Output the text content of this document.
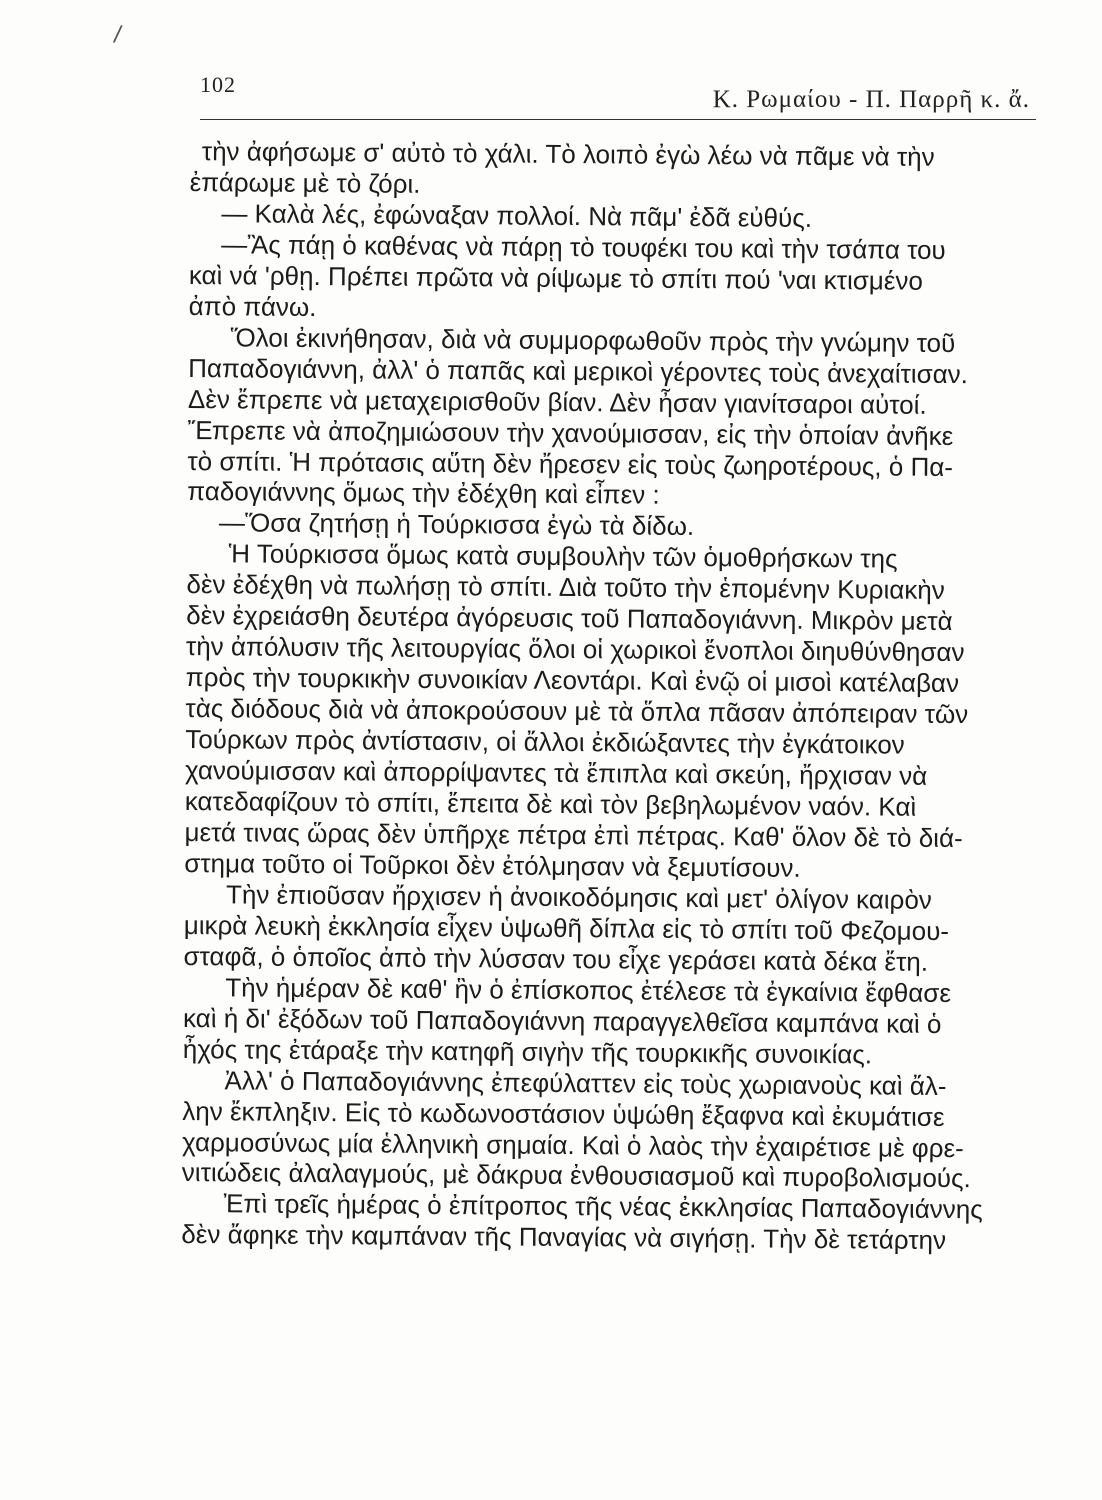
/
102
Κ. Ρωμαίου - Π. Παρρῆ κ. ἄ.
τὴν ἀφήσωμε σ' αὐτὸ τὸ χάλι. Τὸ λοιπὸ ἐγὼ λέω νὰ πᾶμε νὰ τὴν
ἐπάρωμε μὲ τὸ ζόρι.
— Καλὰ λές, ἐφώναξαν πολλοί. Νὰ πᾶμ' ἐδᾶ εὐθύς.
—Ἂς πάῃ ὁ καθένας νὰ πάρῃ τὸ τουφέκι του καὶ τὴν τσάπα του
καὶ νά 'ρθῃ. Πρέπει πρῶτα νὰ ρίψωμε τὸ σπίτι πού 'ναι κτισμένο
ἀπὸ πάνω.
Ὅλοι ἐκινήθησαν, διὰ νὰ συμμορφωθοῦν πρὸς τὴν γνώμην τοῦ
Παπαδογιάννη, ἀλλ' ὁ παπᾶς καὶ μερικοὶ γέροντες τοὺς ἀνεχαίτισαν.
Δὲν ἔπρεπε νὰ μεταχειρισθοῦν βίαν. Δὲν ἦσαν γιανίτσαροι αὐτοί.
Ἔπρεπε νὰ ἀποζημιώσουν τὴν χανούμισσαν, εἰς τὴν ὁποίαν ἀνῆκε
τὸ σπίτι. Ἡ πρότασις αὕτη δὲν ἤρεσεν εἰς τοὺς ζωηροτέρους, ὁ Πα-
παδογιάννης ὅμως τὴν ἐδέχθη καὶ εἶπεν :
—Ὅσα ζητήσῃ ἡ Τούρκισσα ἐγὼ τὰ δίδω.
Ἡ Τούρκισσα ὅμως κατὰ συμβουλὴν τῶν ὁμοθρήσκων της
δὲν ἐδέχθη νὰ πωλήσῃ τὸ σπίτι. Διὰ τοῦτο τὴν ἑπομένην Κυριακὴν
δὲν ἐχρειάσθη δευτέρα ἀγόρευσις τοῦ Παπαδογιάννη. Μικρὸν μετὰ
τὴν ἀπόλυσιν τῆς λειτουργίας ὅλοι οἱ χωρικοὶ ἔνοπλοι διηυθύνθησαν
πρὸς τὴν τουρκικὴν συνοικίαν Λεοντάρι. Καὶ ἐνῷ οἱ μισοὶ κατέλαβαν
τὰς διόδους διὰ νὰ ἀποκρούσουν μὲ τὰ ὅπλα πᾶσαν ἀπόπειραν τῶν
Τούρκων πρὸς ἀντίστασιν, οἱ ἄλλοι ἐκδιώξαντες τὴν ἐγκάτοικον
χανούμισσαν καὶ ἀπορρίψαντες τὰ ἔπιπλα καὶ σκεύη, ἤρχισαν νὰ
κατεδαφίζουν τὸ σπίτι, ἔπειτα δὲ καὶ τὸν βεβηλωμένον ναόν. Καὶ
μετά τινας ὥρας δὲν ὑπῆρχε πέτρα ἐπὶ πέτρας. Καθ' ὅλον δὲ τὸ διά-
στημα τοῦτο οἱ Τοῦρκοι δὲν ἐτόλμησαν νὰ ξεμυτίσουν.
Τὴν ἐπιοῦσαν ἤρχισεν ἡ ἀνοικοδόμησις καὶ μετ' ὀλίγον καιρὸν
μικρὰ λευκὴ ἐκκλησία εἶχεν ὑψωθῆ δίπλα εἰς τὸ σπίτι τοῦ Φεζομου-
σταφᾶ, ὁ ὁποῖος ἀπὸ τὴν λύσσαν του εἶχε γεράσει κατὰ δέκα ἔτη.
Τὴν ἡμέραν δὲ καθ' ἣν ὁ ἐπίσκοπος ἐτέλεσε τὰ ἐγκαίνια ἔφθασε
καὶ ἡ δι' ἐξόδων τοῦ Παπαδογιάννη παραγγελθεῖσα καμπάνα καὶ ὁ
ἦχός της ἐτάραξε τὴν κατηφῆ σιγὴν τῆς τουρκικῆς συνοικίας.
Ἀλλ' ὁ Παπαδογιάννης ἐπεφύλαττεν εἰς τοὺς χωριανοὺς καὶ ἄλ-
λην ἔκπληξιν. Εἰς τὸ κωδωνοστάσιον ὑψώθη ἔξαφνα καὶ ἐκυμάτισε
χαρμοσύνως μία ἑλληνικὴ σημαία. Καὶ ὁ λαὸς τὴν ἐχαιρέτισε μὲ φρε-
νιτιώδεις ἀλαλαγμούς, μὲ δάκρυα ἐνθουσιασμοῦ καὶ πυροβολισμούς.
Ἐπὶ τρεῖς ἡμέρας ὁ ἐπίτροπος τῆς νέας ἐκκλησίας Παπαδογιάννης
δὲν ἄφηκε τὴν καμπάναν τῆς Παναγίας νὰ σιγήσῃ. Τὴν δὲ τετάρτην
